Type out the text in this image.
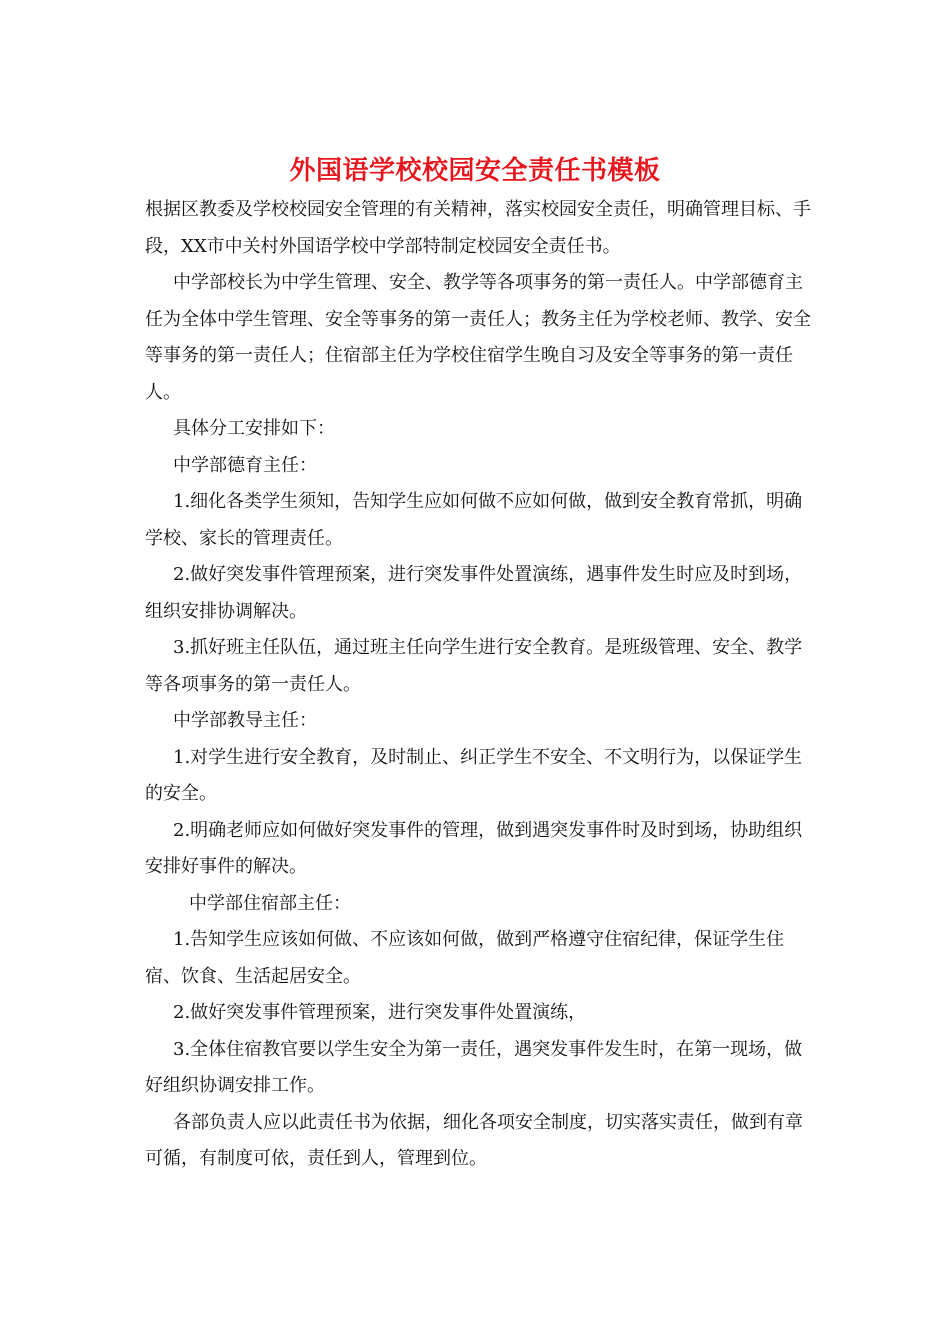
外国语学校校园安全责任书模板

根据区教委及学校校园安全管理的有关精神，落实校园安全责任，明确管理目标、手段，XX市中关村外国语学校中学部特制定校园安全责任书。

中学部校长为中学生管理、安全、教学等各项事务的第一责任人。中学部德育主任为全体中学生管理、安全等事务的第一责任人；教务主任为学校老师、教学、安全等事务的第一责任人；住宿部主任为学校住宿学生晚自习及安全等事务的第一责任人。

具体分工安排如下：

中学部德育主任：

1.细化各类学生须知，告知学生应如何做不应如何做，做到安全教育常抓，明确学校、家长的管理责任。

2.做好突发事件管理预案，进行突发事件处置演练，遇事件发生时应及时到场，组织安排协调解决。

3.抓好班主任队伍，通过班主任向学生进行安全教育。是班级管理、安全、教学等各项事务的第一责任人。

中学部教导主任：

1.对学生进行安全教育，及时制止、纠正学生不安全、不文明行为，以保证学生的安全。

2.明确老师应如何做好突发事件的管理，做到遇突发事件时及时到场，协助组织安排好事件的解决。

中学部住宿部主任：

1.告知学生应该如何做、不应该如何做，做到严格遵守住宿纪律，保证学生住宿、饮食、生活起居安全。

2.做好突发事件管理预案，进行突发事件处置演练，

3.全体住宿教官要以学生安全为第一责任，遇突发事件发生时，在第一现场，做好组织协调安排工作。

各部负责人应以此责任书为依据，细化各项安全制度，切实落实责任，做到有章可循，有制度可依，责任到人，管理到位。
